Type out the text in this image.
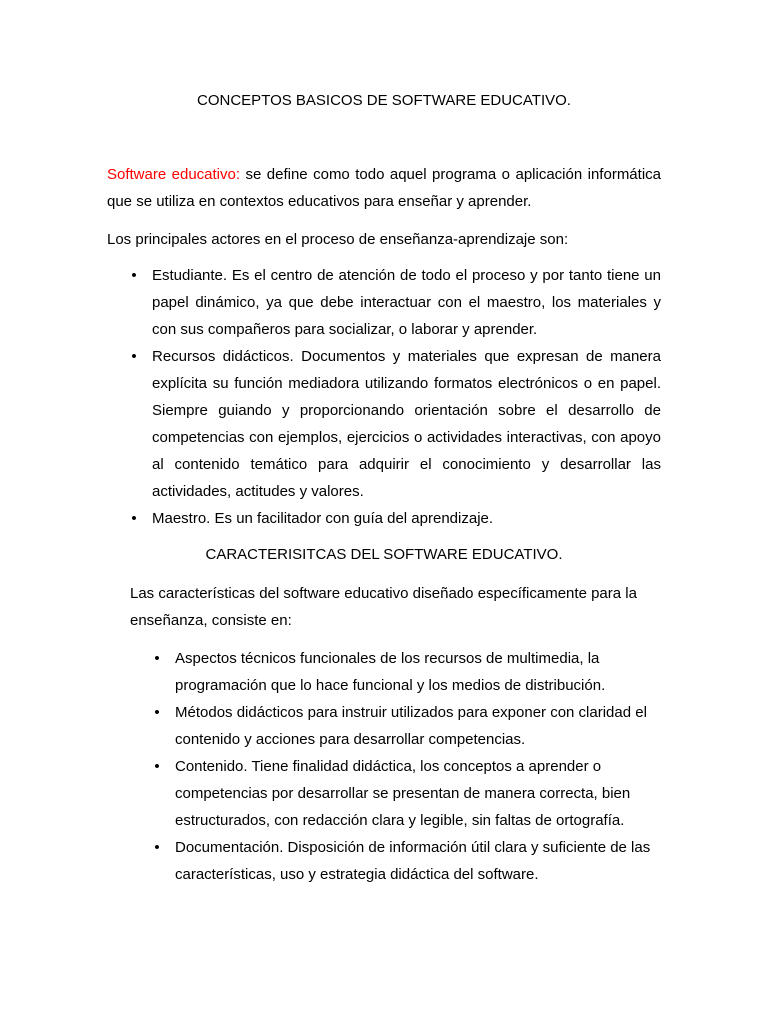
CONCEPTOS BASICOS DE SOFTWARE EDUCATIVO.

Software educativo: se define como todo aquel programa o aplicación informática que se utiliza en contextos educativos para enseñar y aprender.

Los principales actores en el proceso de enseñanza-aprendizaje son:

• Estudiante. Es el centro de atención de todo el proceso y por tanto tiene un papel dinámico, ya que debe interactuar con el maestro, los materiales y con sus compañeros para socializar, o laborar y aprender.
• Recursos didácticos. Documentos y materiales que expresan de manera explícita su función mediadora utilizando formatos electrónicos o en papel. Siempre guiando y proporcionando orientación sobre el desarrollo de competencias con ejemplos, ejercicios o actividades interactivas, con apoyo al contenido temático para adquirir el conocimiento y desarrollar las actividades, actitudes y valores.
• Maestro. Es un facilitador con guía del aprendizaje.
CARACTERISITCAS DEL SOFTWARE EDUCATIVO.

Las características del software educativo diseñado específicamente para la enseñanza, consiste en:

• Aspectos técnicos funcionales de los recursos de multimedia, la programación que lo hace funcional y los medios de distribución.
• Métodos didácticos para instruir utilizados para exponer con claridad el contenido y acciones para desarrollar competencias.
• Contenido. Tiene finalidad didáctica, los conceptos a aprender o competencias por desarrollar se presentan de manera correcta, bien estructurados, con redacción clara y legible, sin faltas de ortografía.
• Documentación. Disposición de información útil clara y suficiente de las características, uso y estrategia didáctica del software.
